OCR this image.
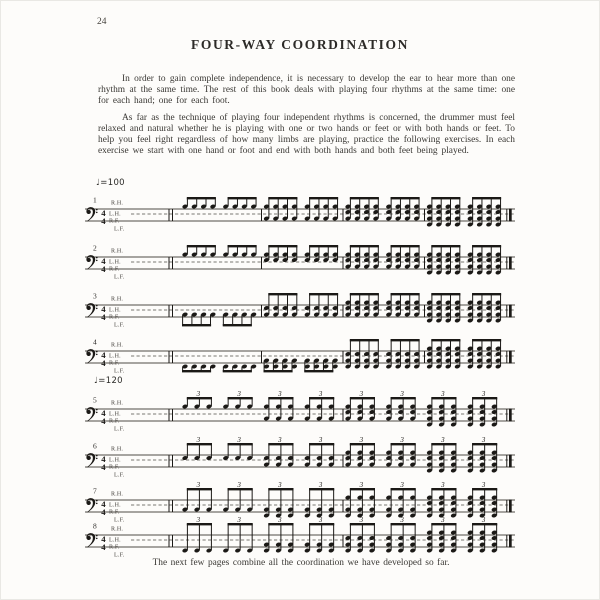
24
FOUR-WAY COORDINATION

In order to gain complete independence, it is necessary to develop the ear to hear more than one rhythm at the same time. The rest of this book deals with playing four rhythms at the same time: one for each hand; one for each foot.

As far as the technique of playing four independent rhythms is concerned, the drummer must feel relaxed and natural whether he is playing with one or two hands or feet or with both hands or feet. To help you feel right regardless of how many limbs are playing, practice the following exercises. In each exercise we start with one hand or foot and end with both hands and both feet being played.

♩=100
♩=120
1
4
4
R.H.
L.H.
R.F.
L.F.
2
4
4
R.H.
L.H.
R.F.
L.F.
3
4
4
R.H.
L.H.
R.F.
L.F.
4
4
4
R.H.
L.H.
R.F.
L.F.
5
4
4
R.H.
L.H.
R.F.
L.F.
3	3	3	3	3	3	3	3
6
4
4
R.H.
L.H.
R.F.
L.F.
3	3	3	3	3	3	3	3
7
4
4
R.H.
L.H.
R.F.
L.F.
3	3	3	3	3	3	3	3
8
4
4
R.H.
L.H.
R.F.
L.F.
3	3	3	3	3	3	3	3

The next few pages combine all the coordination we have developed so far.
